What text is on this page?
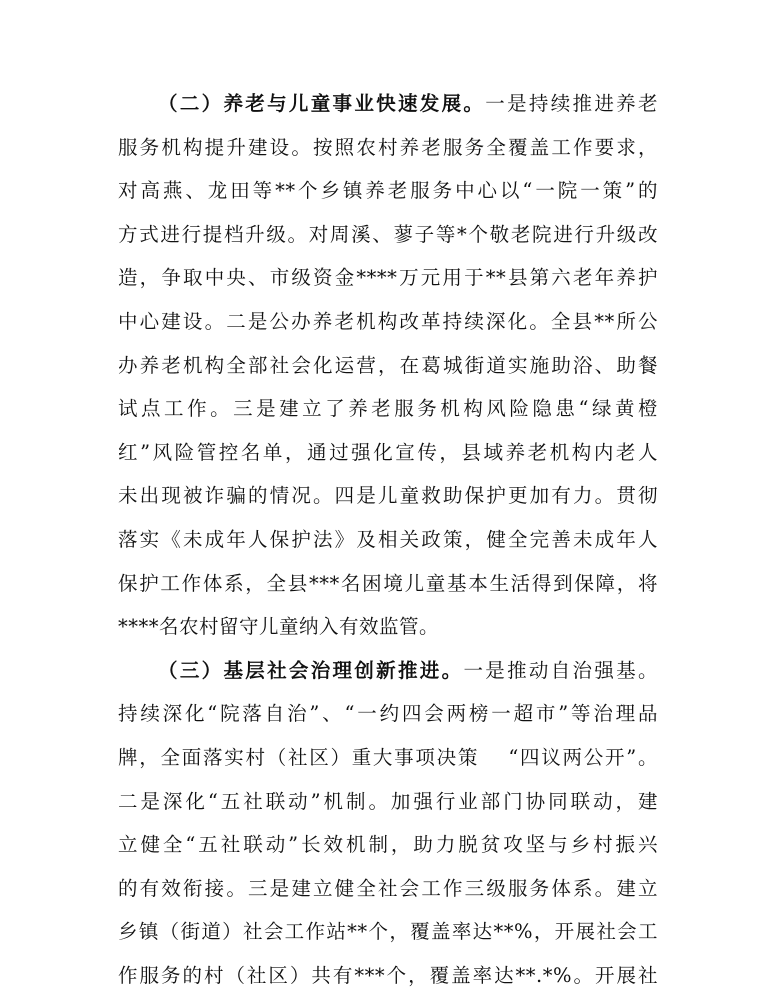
（二）养老与儿童事业快速发展。一是持续推进养老
服务机构提升建设。按照农村养老服务全覆盖工作要求，
对高燕、龙田等**个乡镇养老服务中心以“一院一策”的
方式进行提档升级。对周溪、蓼子等*个敬老院进行升级改
造，争取中央、市级资金****万元用于**县第六老年养护
中心建设。二是公办养老机构改革持续深化。全县**所公
办养老机构全部社会化运营，在葛城街道实施助浴、助餐
试点工作。三是建立了养老服务机构风险隐患“绿黄橙
红”风险管控名单，通过强化宣传，县域养老机构内老人
未出现被诈骗的情况。四是儿童救助保护更加有力。贯彻
落实《未成年人保护法》及相关政策，健全完善未成年人
保护工作体系，全县***名困境儿童基本生活得到保障，将
****名农村留守儿童纳入有效监管。
（三）基层社会治理创新推进。一是推动自治强基。
持续深化“院落自治”、“一约四会两榜一超市”等治理品
牌，全面落实村（社区）重大事项决策　 “四议两公开”。
二是深化“五社联动”机制。加强行业部门协同联动，建
立健全“五社联动”长效机制，助力脱贫攻坚与乡村振兴
的有效衔接。三是建立健全社会工作三级服务体系。建立
乡镇（街道）社会工作站**个，覆盖率达**%，开展社会工
作服务的村（社区）共有***个，覆盖率达**.*%。开展社
